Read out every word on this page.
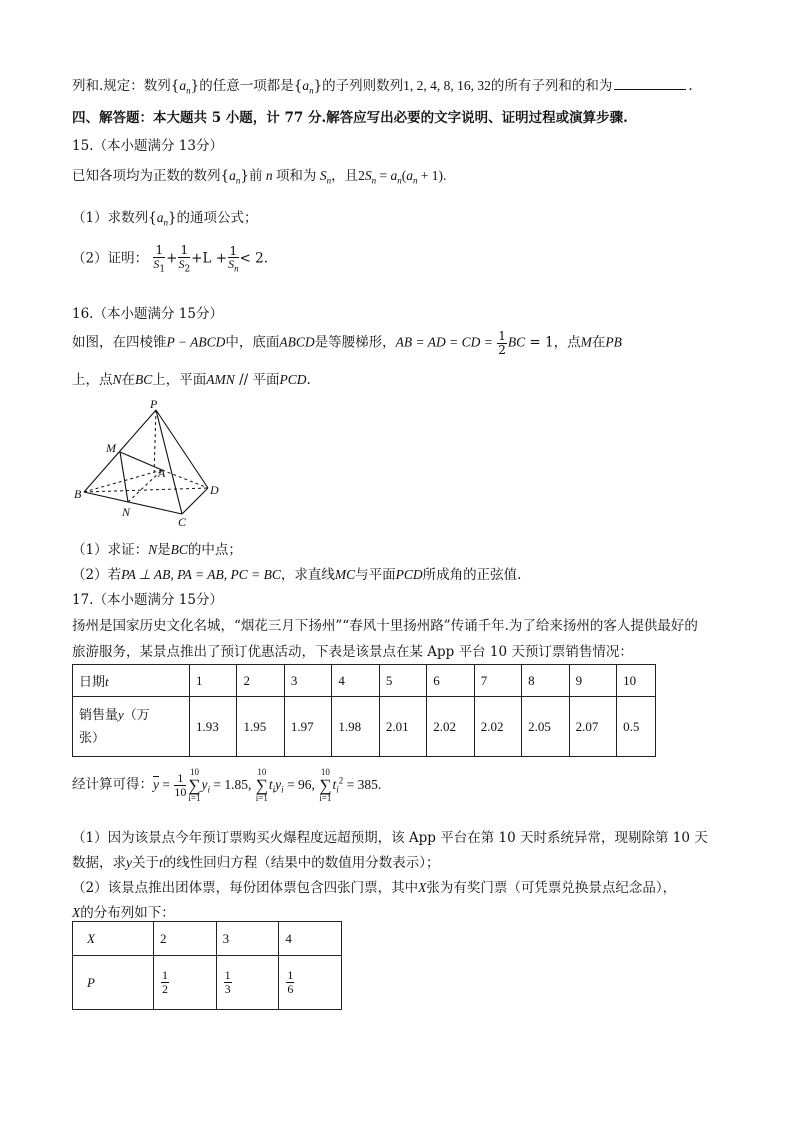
列和.规定：数列$\{a_n\}$的任意一项都是$\{a_n\}$的子列则数列1, 2, 4, 8, 16, 32的所有子列和的和为	.
四、解答题：本大题共 5 小题，计 77 分.解答应写出必要的文字说明、证明过程或演算步骤.
15.（本小题满分 13分）
已知各项均为正数的数列$\{a_n\}$前 n 项和为 $S_n$，且$2S_n = a_n(a_n + 1)$.
（1）求数列$\{a_n\}$的通项公式；
（2）证明： $\frac{1}{S_1} + \frac{1}{S_2} +L + \frac{1}{S_n} < 2$.
16.（本小题满分 15分）
如图，在四棱锥P − ABCD中，底面ABCD是等腰梯形，AB = AD = CD = $\frac{1}{2}$ BC = 1，点M在PB
上，点N在BC上，平面AMN // 平面PCD.
P
M
A
B
N
C
D
（1）求证：N是BC的中点；
（2）若PA ⊥ AB, PA = AB, PC = BC，求直线MC与平面PCD所成角的正弦值.
17.（本小题满分 15分）
扬州是国家历史文化名城，“烟花三月下扬州”“春风十里扬州路”传诵千年.为了给来扬州的客人提供最好的
旅游服务，某景点推出了预订优惠活动，下表是该景点在某 App 平台 10 天预订票销售情况：
日期t	1	2	3	4	5	6	7	8	9	10
销售量y（万
张）	1.93	1.95	1.97	1.98	2.01	2.02	2.02	2.05	2.07	0.5
经计算可得：$\overline{y} = \frac{1}{10}$
10
∑
$i=1y_i = 1.85$, 10
∑
$i=1t_iy_i = 96$, 10
∑
$i=1t_i^2 = 385$.
（1）因为该景点今年预订票购买火爆程度远超预期，该 App 平台在第 10 天时系统异常，现剔除第 10 天
数据，求y关于t的线性回归方程（结果中的数值用分数表示）；
（2）该景点推出团体票，每份团体票包含四张门票，其中X张为有奖门票（可凭票兑换景点纪念品），
X的分布列如下：
X	2	3	4
P	$\frac{1}{2}$	$\frac{1}{3}$	$\frac{1}{6}$
